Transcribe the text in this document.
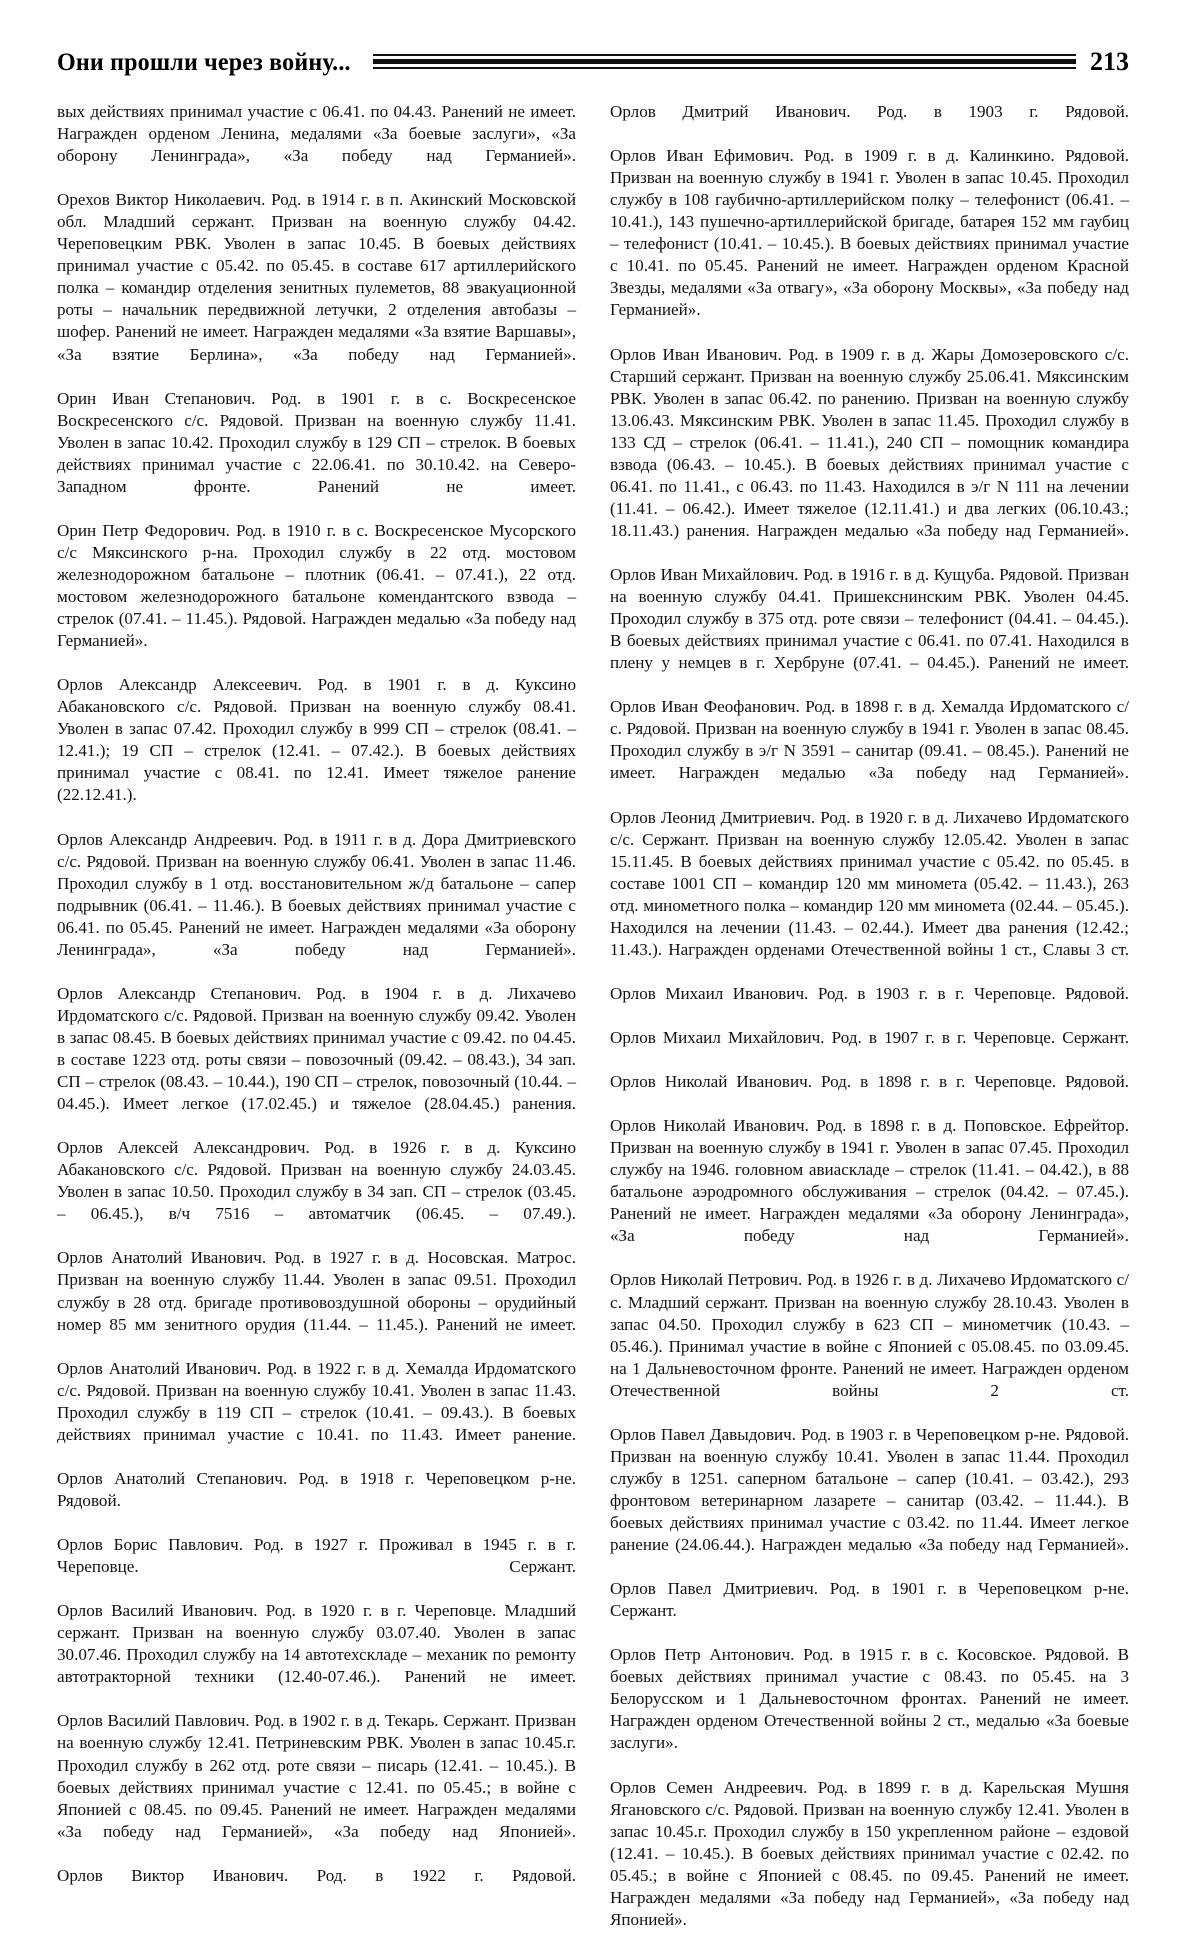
Они прошли через войну...	213

вых действиях принимал участие с 06.41. по 04.43. Ранений не имеет. Награжден орденом Ленина, медалями «За боевые заслуги», «За оборону Ленинграда», «За победу над Германией».

Орехов Виктор Николаевич. Род. в 1914 г. в п. Акинский Московской обл. Младший сержант. Призван на военную службу 04.42. Череповецким РВК. Уволен в запас 10.45. В боевых действиях принимал участие с 05.42. по 05.45. в составе 617 артиллерийского полка – командир отделения зенитных пулеметов, 88 эвакуационной роты – начальник передвижной летучки, 2 отделения автобазы – шофер. Ранений не имеет. Награжден медалями «За взятие Варшавы», «За взятие Берлина», «За победу над Германией».

Орин Иван Степанович. Род. в 1901 г. в с. Воскресенское Воскресенского с/с. Рядовой. Призван на военную службу 11.41. Уволен в запас 10.42. Проходил службу в 129 СП – стрелок. В боевых действиях принимал участие с 22.06.41. по 30.10.42. на Северо-Западном фронте. Ранений не имеет.

Орин Петр Федорович. Род. в 1910 г. в с. Воскресенское Мусорского с/с Мяксинского р-на. Проходил службу в 22 отд. мостовом железнодорожном батальоне – плотник (06.41. – 07.41.), 22 отд. мостовом железнодорожного батальоне комендантского взвода – стрелок (07.41. – 11.45.). Рядовой. Награжден медалью «За победу над Германией».

Орлов Александр Алексеевич. Род. в 1901 г. в д. Куксино Абакановского с/с. Рядовой. Призван на военную службу 08.41. Уволен в запас 07.42. Проходил службу в 999 СП – стрелок (08.41. – 12.41.); 19 СП – стрелок (12.41. – 07.42.). В боевых действиях принимал участие с 08.41. по 12.41. Имеет тяжелое ранение (22.12.41.).

Орлов Александр Андреевич. Род. в 1911 г. в д. Дора Дмитриевского с/с. Рядовой. Призван на военную службу 06.41. Уволен в запас 11.46. Проходил службу в 1 отд. восстановительном ж/д батальоне – сапер подрывник (06.41. – 11.46.). В боевых действиях принимал участие с 06.41. по 05.45. Ранений не имеет. Награжден медалями «За оборону Ленинграда», «За победу над Германией».

Орлов Александр Степанович. Род. в 1904 г. в д. Лихачево Ирдоматского с/с. Рядовой. Призван на военную службу 09.42. Уволен в запас 08.45. В боевых действиях принимал участие с 09.42. по 04.45. в составе 1223 отд. роты связи – повозочный (09.42. – 08.43.), 34 зап. СП – стрелок (08.43. – 10.44.), 190 СП – стрелок, повозочный (10.44. – 04.45.). Имеет легкое (17.02.45.) и тяжелое (28.04.45.) ранения.

Орлов Алексей Александрович. Род. в 1926 г. в д. Куксино Абакановского с/с. Рядовой. Призван на военную службу 24.03.45. Уволен в запас 10.50. Проходил службу в 34 зап. СП – стрелок (03.45. – 06.45.), в/ч 7516 – автоматчик (06.45. – 07.49.).

Орлов Анатолий Иванович. Род. в 1927 г. в д. Носовская. Матрос. Призван на военную службу 11.44. Уволен в запас 09.51. Проходил службу в 28 отд. бригаде противовоздушной обороны – орудийный номер 85 мм зенитного орудия (11.44. – 11.45.). Ранений не имеет.

Орлов Анатолий Иванович. Род. в 1922 г. в д. Хемалда Ирдоматского с/с. Рядовой. Призван на военную службу 10.41. Уволен в запас 11.43. Проходил службу в 119 СП – стрелок (10.41. – 09.43.). В боевых действиях принимал участие с 10.41. по 11.43. Имеет ранение.

Орлов Анатолий Степанович. Род. в 1918 г. Череповецком р-не. Рядовой.

Орлов Борис Павлович. Род. в 1927 г. Проживал в 1945 г. в г. Череповце. Сержант.

Орлов Василий Иванович. Род. в 1920 г. в г. Череповце. Младший сержант. Призван на военную службу 03.07.40. Уволен в запас 30.07.46. Проходил службу на 14 автотехскладе – механик по ремонту автотракторной техники (12.40-07.46.). Ранений не имеет.

Орлов Василий Павлович. Род. в 1902 г. в д. Текарь. Сержант. Призван на военную службу 12.41. Петриневским РВК. Уволен в запас 10.45.г. Проходил службу в 262 отд. роте связи – писарь (12.41. – 10.45.). В боевых действиях принимал участие с 12.41. по 05.45.; в войне с Японией с 08.45. по 09.45. Ранений не имеет. Награжден медалями «За победу над Германией», «За победу над Японией».

Орлов Виктор Иванович. Род. в 1922 г. Рядовой.

Орлов Дмитрий Иванович. Род. в 1903 г. Рядовой.

Орлов Иван Ефимович. Род. в 1909 г. в д. Калинкино. Рядовой. Призван на военную службу в 1941 г. Уволен в запас 10.45. Проходил службу в 108 гаубично-артиллерийском полку – телефонист (06.41. – 10.41.), 143 пушечно-артиллерийской бригаде, батарея 152 мм гаубиц – телефонист (10.41. – 10.45.). В боевых действиях принимал участие с 10.41. по 05.45. Ранений не имеет. Награжден орденом Красной Звезды, медалями «За отвагу», «За оборону Москвы», «За победу над Германией».

Орлов Иван Иванович. Род. в 1909 г. в д. Жары Домозеровского с/с. Старший сержант. Призван на военную службу 25.06.41. Мяксинским РВК. Уволен в запас 06.42. по ранению. Призван на военную службу 13.06.43. Мяксинским РВК. Уволен в запас 11.45. Проходил службу в 133 СД – стрелок (06.41. – 11.41.), 240 СП – помощник командира взвода (06.43. – 10.45.). В боевых действиях принимал участие с 06.41. по 11.41., с 06.43. по 11.43. Находился в э/г N 111 на лечении (11.41. – 06.42.). Имеет тяжелое (12.11.41.) и два легких (06.10.43.; 18.11.43.) ранения. Награжден медалью «За победу над Германией».

Орлов Иван Михайлович. Род. в 1916 г. в д. Кущуба. Рядовой. Призван на военную службу 04.41. Пришекснинским РВК. Уволен 04.45. Проходил службу в 375 отд. роте связи – телефонист (04.41. – 04.45.). В боевых действиях принимал участие с 06.41. по 07.41. Находился в плену у немцев в г. Хербруне (07.41. – 04.45.). Ранений не имеет.

Орлов Иван Феофанович. Род. в 1898 г. в д. Хемалда Ирдоматского с/с. Рядовой. Призван на военную службу в 1941 г. Уволен в запас 08.45. Проходил службу в э/г N 3591 – санитар (09.41. – 08.45.). Ранений не имеет. Награжден медалью «За победу над Германией».

Орлов Леонид Дмитриевич. Род. в 1920 г. в д. Лихачево Ирдоматского с/с. Сержант. Призван на военную службу 12.05.42. Уволен в запас 15.11.45. В боевых действиях принимал участие с 05.42. по 05.45. в составе 1001 СП – командир 120 мм миномета (05.42. – 11.43.), 263 отд. минометного полка – командир 120 мм миномета (02.44. – 05.45.). Находился на лечении (11.43. – 02.44.). Имеет два ранения (12.42.; 11.43.). Награжден орденами Отечественной войны 1 ст., Славы 3 ст.

Орлов Михаил Иванович. Род. в 1903 г. в г. Череповце. Рядовой.

Орлов Михаил Михайлович. Род. в 1907 г. в г. Череповце. Сержант.

Орлов Николай Иванович. Род. в 1898 г. в г. Череповце. Рядовой.

Орлов Николай Иванович. Род. в 1898 г. в д. Поповское. Ефрейтор. Призван на военную службу в 1941 г. Уволен в запас 07.45. Проходил службу на 1946. головном авиаскладе – стрелок (11.41. – 04.42.), в 88 батальоне аэродромного обслуживания – стрелок (04.42. – 07.45.). Ранений не имеет. Награжден медалями «За оборону Ленинграда», «За победу над Германией».

Орлов Николай Петрович. Род. в 1926 г. в д. Лихачево Ирдоматского с/с. Младший сержант. Призван на военную службу 28.10.43. Уволен в запас 04.50. Проходил службу в 623 СП – минометчик (10.43. – 05.46.). Принимал участие в войне с Японией с 05.08.45. по 03.09.45. на 1 Дальневосточном фронте. Ранений не имеет. Награжден орденом Отечественной войны 2 ст.

Орлов Павел Давыдович. Род. в 1903 г. в Череповецком р-не. Рядовой. Призван на военную службу 10.41. Уволен в запас 11.44. Проходил службу в 1251. саперном батальоне – сапер (10.41. – 03.42.), 293 фронтовом ветеринарном лазарете – санитар (03.42. – 11.44.). В боевых действиях принимал участие с 03.42. по 11.44. Имеет легкое ранение (24.06.44.). Награжден медалью «За победу над Германией».

Орлов Павел Дмитриевич. Род. в 1901 г. в Череповецком р-не. Сержант.

Орлов Петр Антонович. Род. в 1915 г. в с. Косовское. Рядовой. В боевых действиях принимал участие с 08.43. по 05.45. на 3 Белорусском и 1 Дальневосточном фронтах. Ранений не имеет. Награжден орденом Отечественной войны 2 ст., медалью «За боевые заслуги».

Орлов Семен Андреевич. Род. в 1899 г. в д. Карельская Мушня Ягановского с/с. Рядовой. Призван на военную службу 12.41. Уволен в запас 10.45.г. Проходил службу в 150 укрепленном районе – ездовой (12.41. – 10.45.). В боевых действиях принимал участие с 02.42. по 05.45.; в войне с Японией с 08.45. по 09.45. Ранений не имеет. Награжден медалями «За победу над Германией», «За победу над Японией».
